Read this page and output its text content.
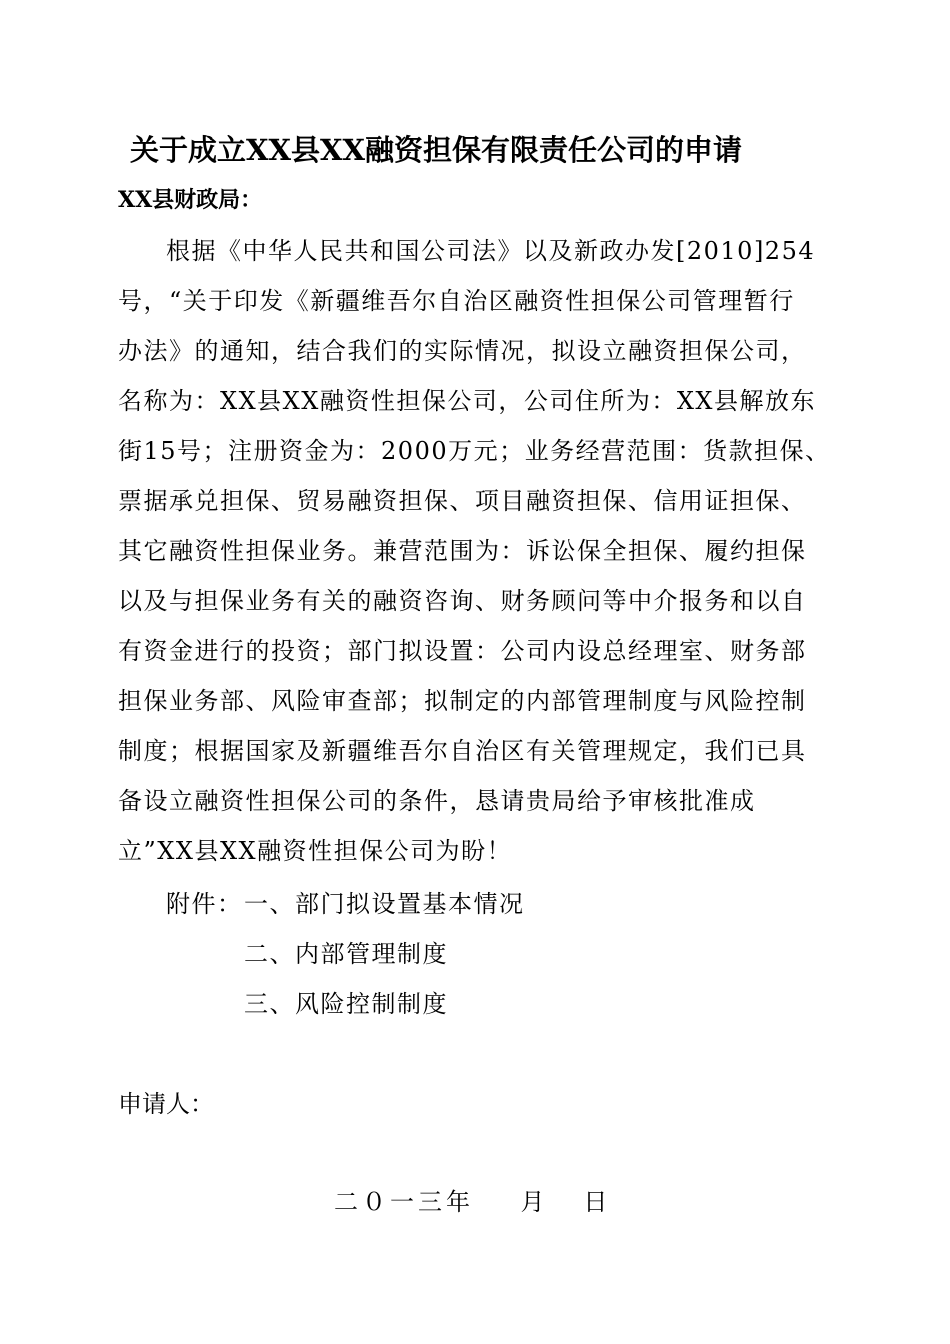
关于成立XX县XX融资担保有限责任公司的申请
XX县财政局：
根据《中华人民共和国公司法》以及新政办发[2010]254
号，“关于印发《新疆维吾尔自治区融资性担保公司管理暂行
办法》的通知，结合我们的实际情况，拟设立融资担保公司，
名称为：XX县XX融资性担保公司，公司住所为：XX县解放东
街15号；注册资金为：2000万元；业务经营范围：货款担保、
票据承兑担保、贸易融资担保、项目融资担保、信用证担保、
其它融资性担保业务。兼营范围为：诉讼保全担保、履约担保
以及与担保业务有关的融资咨询、财务顾问等中介报务和以自
有资金进行的投资；部门拟设置：公司内设总经理室、财务部
担保业务部、风险审查部；拟制定的内部管理制度与风险控制
制度；根据国家及新疆维吾尔自治区有关管理规定，我们已具
备设立融资性担保公司的条件，恳请贵局给予审核批准成
立”XX县XX融资性担保公司为盼！
附件： 一、部门拟设置基本情况
二、内部管理制度
三、风险控制制度
申请人：
二０一三年    月   日
